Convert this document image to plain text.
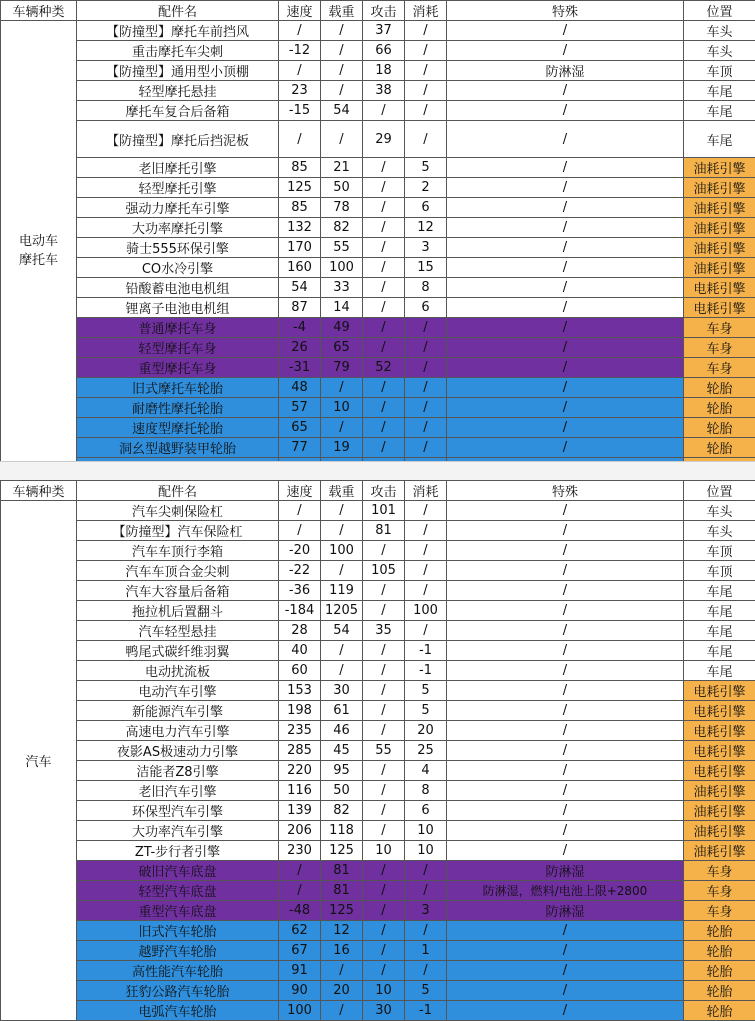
车辆种类	配件名	速度	载重	攻击	消耗	特殊	位置
电动车
摩托车	【防撞型】摩托车前挡风	/	/	37	/	/	车头
	重击摩托车尖刺	-12	/	66	/	/	车头
	【防撞型】通用型小顶棚	/	/	18	/	防淋湿	车顶
	轻型摩托悬挂	23	/	38	/	/	车尾
	摩托车复合后备箱	-15	54	/	/	/	车尾
	【防撞型】摩托后挡泥板	/	/	29	/	/	车尾
	老旧摩托引擎	85	21	/	5	/	油耗引擎
	轻型摩托引擎	125	50	/	2	/	油耗引擎
	强动力摩托车引擎	85	78	/	6	/	油耗引擎
	大功率摩托引擎	132	82	/	12	/	油耗引擎
	骑士555环保引擎	170	55	/	3	/	油耗引擎
	CO水冷引擎	160	100	/	15	/	油耗引擎
	铅酸蓄电池电机组	54	33	/	8	/	电耗引擎
	锂离子电池电机组	87	14	/	6	/	电耗引擎
	普通摩托车身	-4	49	/	/	/	车身
	轻型摩托车身	26	65	/	/	/	车身
	重型摩托车身	-31	79	52	/	/	车身
	旧式摩托车轮胎	48	/	/	/	/	轮胎
	耐磨性摩托轮胎	57	10	/	/	/	轮胎
	速度型摩托轮胎	65	/	/	/	/	轮胎
	洞幺型越野装甲轮胎	77	19	/	/	/	轮胎

车辆种类	配件名	速度	载重	攻击	消耗	特殊	位置
汽车	汽车尖刺保险杠	/	/	101	/	/	车头
	【防撞型】汽车保险杠	/	/	81	/	/	车头
	汽车车顶行李箱	-20	100	/	/	/	车顶
	汽车车顶合金尖刺	-22	/	105	/	/	车顶
	汽车大容量后备箱	-36	119	/	/	/	车尾
	拖拉机后置翻斗	-184	1205	/	100	/	车尾
	汽车轻型悬挂	28	54	35	/	/	车尾
	鸭尾式碳纤维羽翼	40	/	/	-1	/	车尾
	电动扰流板	60	/	/	-1	/	车尾
	电动汽车引擎	153	30	/	5	/	电耗引擎
	新能源汽车引擎	198	61	/	5	/	电耗引擎
	高速电力汽车引擎	235	46	/	20	/	电耗引擎
	夜影AS极速动力引擎	285	45	55	25	/	电耗引擎
	洁能者Z8引擎	220	95	/	4	/	电耗引擎
	老旧汽车引擎	116	50	/	8	/	油耗引擎
	环保型汽车引擎	139	82	/	6	/	油耗引擎
	大功率汽车引擎	206	118	/	10	/	油耗引擎
	ZT-步行者引擎	230	125	10	10	/	油耗引擎
	破旧汽车底盘	/	81	/	/	防淋湿	车身
	轻型汽车底盘	/	81	/	/	防淋湿，燃料/电池上限+2800	车身
	重型汽车底盘	-48	125	/	3	防淋湿	车身
	旧式汽车轮胎	62	12	/	/	/	轮胎
	越野汽车轮胎	67	16	/	1	/	轮胎
	高性能汽车轮胎	91	/	/	/	/	轮胎
	狂豹公路汽车轮胎	90	20	10	5	/	轮胎
	电弧汽车轮胎	100	/	30	-1	/	轮胎
